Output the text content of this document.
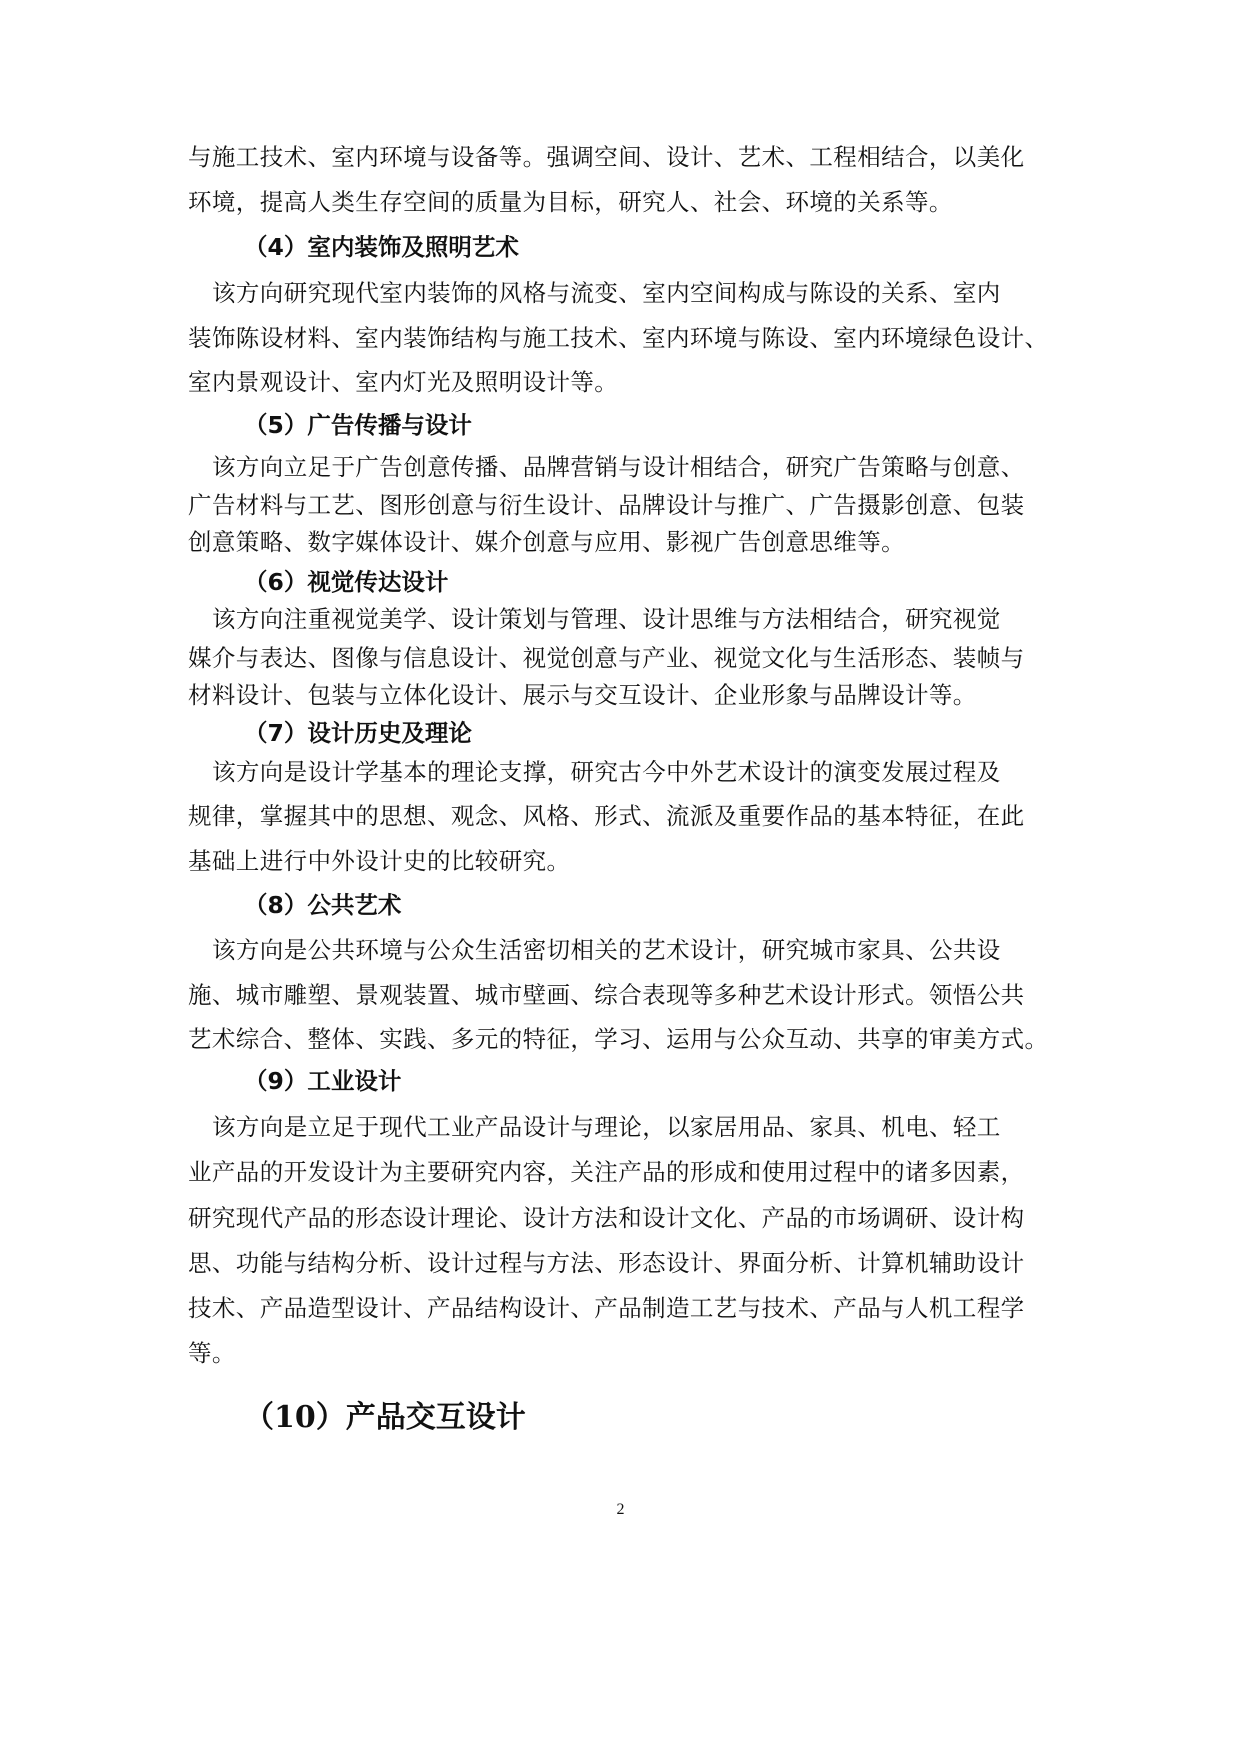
与施工技术、室内环境与设备等。强调空间、设计、艺术、工程相结合，以美化
环境，提高人类生存空间的质量为目标，研究人、社会、环境的关系等。
（4）室内装饰及照明艺术
该方向研究现代室内装饰的风格与流变、室内空间构成与陈设的关系、室内
装饰陈设材料、室内装饰结构与施工技术、室内环境与陈设、室内环境绿色设计、
室内景观设计、室内灯光及照明设计等。
（5）广告传播与设计
该方向立足于广告创意传播、品牌营销与设计相结合，研究广告策略与创意、
广告材料与工艺、图形创意与衍生设计、品牌设计与推广、广告摄影创意、包装
创意策略、数字媒体设计、媒介创意与应用、影视广告创意思维等。
（6）视觉传达设计
该方向注重视觉美学、设计策划与管理、设计思维与方法相结合，研究视觉
媒介与表达、图像与信息设计、视觉创意与产业、视觉文化与生活形态、装帧与
材料设计、包装与立体化设计、展示与交互设计、企业形象与品牌设计等。
（7）设计历史及理论
该方向是设计学基本的理论支撑，研究古今中外艺术设计的演变发展过程及
规律，掌握其中的思想、观念、风格、形式、流派及重要作品的基本特征，在此
基础上进行中外设计史的比较研究。
（8）公共艺术
该方向是公共环境与公众生活密切相关的艺术设计，研究城市家具、公共设
施、城市雕塑、景观装置、城市壁画、综合表现等多种艺术设计形式。领悟公共
艺术综合、整体、实践、多元的特征，学习、运用与公众互动、共享的审美方式。
（9）工业设计
该方向是立足于现代工业产品设计与理论，以家居用品、家具、机电、轻工
业产品的开发设计为主要研究内容，关注产品的形成和使用过程中的诸多因素，
研究现代产品的形态设计理论、设计方法和设计文化、产品的市场调研、设计构
思、功能与结构分析、设计过程与方法、形态设计、界面分析、计算机辅助设计
技术、产品造型设计、产品结构设计、产品制造工艺与技术、产品与人机工程学
等。
（10）产品交互设计
2
